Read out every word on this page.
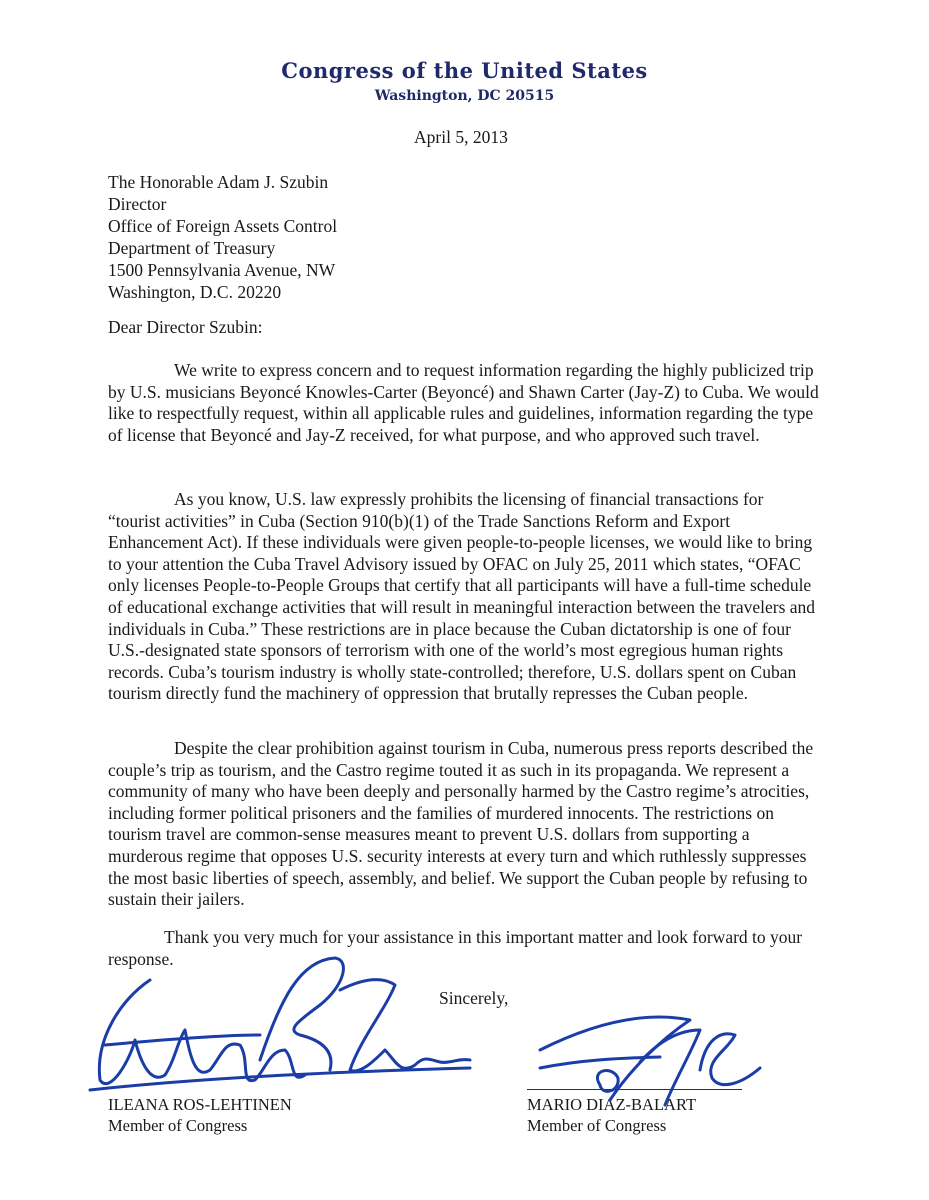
Congress of the United States
Washington, DC 20515
April 5, 2013
The Honorable Adam J. Szubin
Director
Office of Foreign Assets Control
Department of Treasury
1500 Pennsylvania Avenue, NW
Washington, D.C. 20220
Dear Director Szubin:

We write to express concern and to request information regarding the highly publicized trip by U.S. musicians Beyoncé Knowles-Carter (Beyoncé) and Shawn Carter (Jay-Z) to Cuba. We would like to respectfully request, within all applicable rules and guidelines, information regarding the type of license that Beyoncé and Jay-Z received, for what purpose, and who approved such travel.

As you know, U.S. law expressly prohibits the licensing of financial transactions for “tourist activities” in Cuba (Section 910(b)(1) of the Trade Sanctions Reform and Export Enhancement Act). If these individuals were given people-to-people licenses, we would like to bring to your attention the Cuba Travel Advisory issued by OFAC on July 25, 2011 which states, “OFAC only licenses People-to-People Groups that certify that all participants will have a full-time schedule of educational exchange activities that will result in meaningful interaction between the travelers and individuals in Cuba.” These restrictions are in place because the Cuban dictatorship is one of four U.S.-designated state sponsors of terrorism with one of the world’s most egregious human rights records. Cuba’s tourism industry is wholly state-controlled; therefore, U.S. dollars spent on Cuban tourism directly fund the machinery of oppression that brutally represses the Cuban people.

Despite the clear prohibition against tourism in Cuba, numerous press reports described the couple’s trip as tourism, and the Castro regime touted it as such in its propaganda. We represent a community of many who have been deeply and personally harmed by the Castro regime’s atrocities, including former political prisoners and the families of murdered innocents. The restrictions on tourism travel are common-sense measures meant to prevent U.S. dollars from supporting a murderous regime that opposes U.S. security interests at every turn and which ruthlessly suppresses the most basic liberties of speech, assembly, and belief. We support the Cuban people by refusing to sustain their jailers.

Thank you very much for your assistance in this important matter and look forward to your response.

Sincerely,
ILEANA ROS-LEHTINEN
Member of Congress
MARIO DIAZ-BALART
Member of Congress
